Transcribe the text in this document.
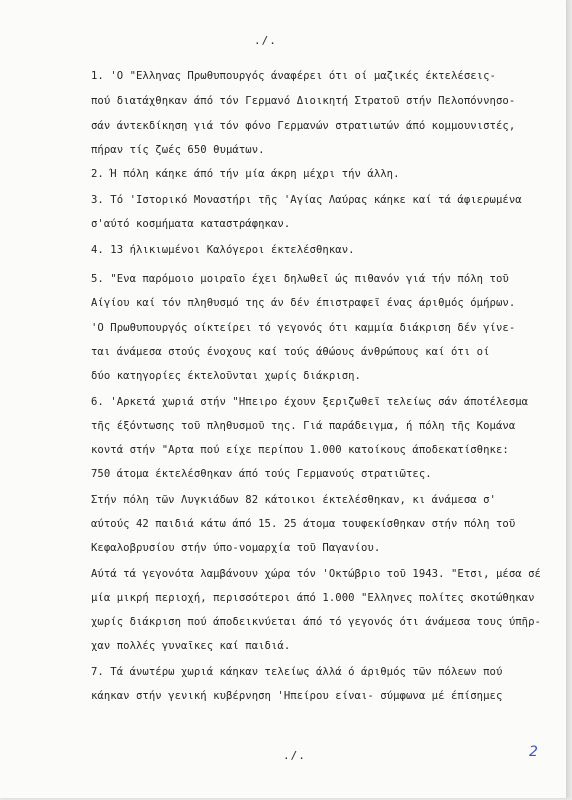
./.
1. 'Ο "Ελληνας Πρωθυπουργός άναφέρει ότι οί μαζικές έκτελέσεις-
πού διατάχθηκαν άπό τόν Γερμανό Διοικητή Στρατοῦ στήν Πελοπόννησο-
σάν άντεκδίκηση γιά τόν φόνο Γερμανών στρατιωτών άπό κομμουνιστές,
πήραν τίς ζωές 650 θυμάτων.
2. Ή πόλη κάηκε άπό τήν μία άκρη μέχρι τήν άλλη.
3. Τό 'Ιστορικό Μοναστήρι τῆς 'Αγίας Λαύρας κάηκε καί τά άφιερωμένα
σ'αύτό κοσμήματα καταστράφηκαν.
4. 13 ήλικιωμένοι Καλόγεροι έκτελέσθηκαν.
5. "Ενα παρόμοιο μοιραῖο έχει δηλωθεῖ ώς πιθανόν γιά τήν πόλη τοῦ
Αίγίου καί τόν πληθυσμό της άν δέν έπιστραφεῖ ένας άριθμός όμήρων.
'Ο Πρωθυπουργός οίκτείρει τό γεγονός ότι καμμία διάκριση δέν γίνε-
ται άνάμεσα στούς ένοχους καί τούς άθώους άνθρώπους καί ότι οί
δύο κατηγορίες έκτελοῦνται χωρίς διάκριση.
6. 'Αρκετά χωριά στήν "Ηπειρο έχουν ξεριζωθεῖ τελείως σάν άποτέλεσμα
τῆς έξόντωσης τοῦ πληθυσμοῦ της. Γιά παράδειγμα, ή πόλη τῆς Κομάνα
κοντά στήν "Αρτα πού είχε περίπου 1.000 κατοίκους άποδεκατίσθηκε:
750 άτομα έκτελέσθηκαν άπό τούς Γερμανούς στρατιῶτες.
Στήν πόλη τῶν Λυγκιάδων 82 κάτοικοι έκτελέσθηκαν, κι άνάμεσα σ'
αύτούς 42 παιδιά κάτω άπό 15. 25 άτομα τουφεκίσθηκαν στήν πόλη τοῦ
Κεφαλοβρυσίου στήν ύπο-νομαρχία τοῦ Παγανίου.
Αύτά τά γεγονότα λαμβάνουν χώρα τόν 'Οκτώβριο τοῦ 1943. "Ετσι, μέσα σέ
μία μικρή περιοχή, περισσότεροι άπό 1.000 "Ελληνες πολίτες σκοτώθηκαν
χωρίς διάκριση πού άποδεικνύεται άπό τό γεγονός ότι άνάμεσα τους ύπῆρ-
χαν πολλές γυναῖκες καί παιδιά.
7. Τά άνωτέρω χωριά κάηκαν τελείως άλλά ό άριθμός τῶν πόλεων πού
κάηκαν στήν γενική κυβέρνηση 'Ηπείρου είναι- σύμφωνα μέ έπίσημες
./.	2
